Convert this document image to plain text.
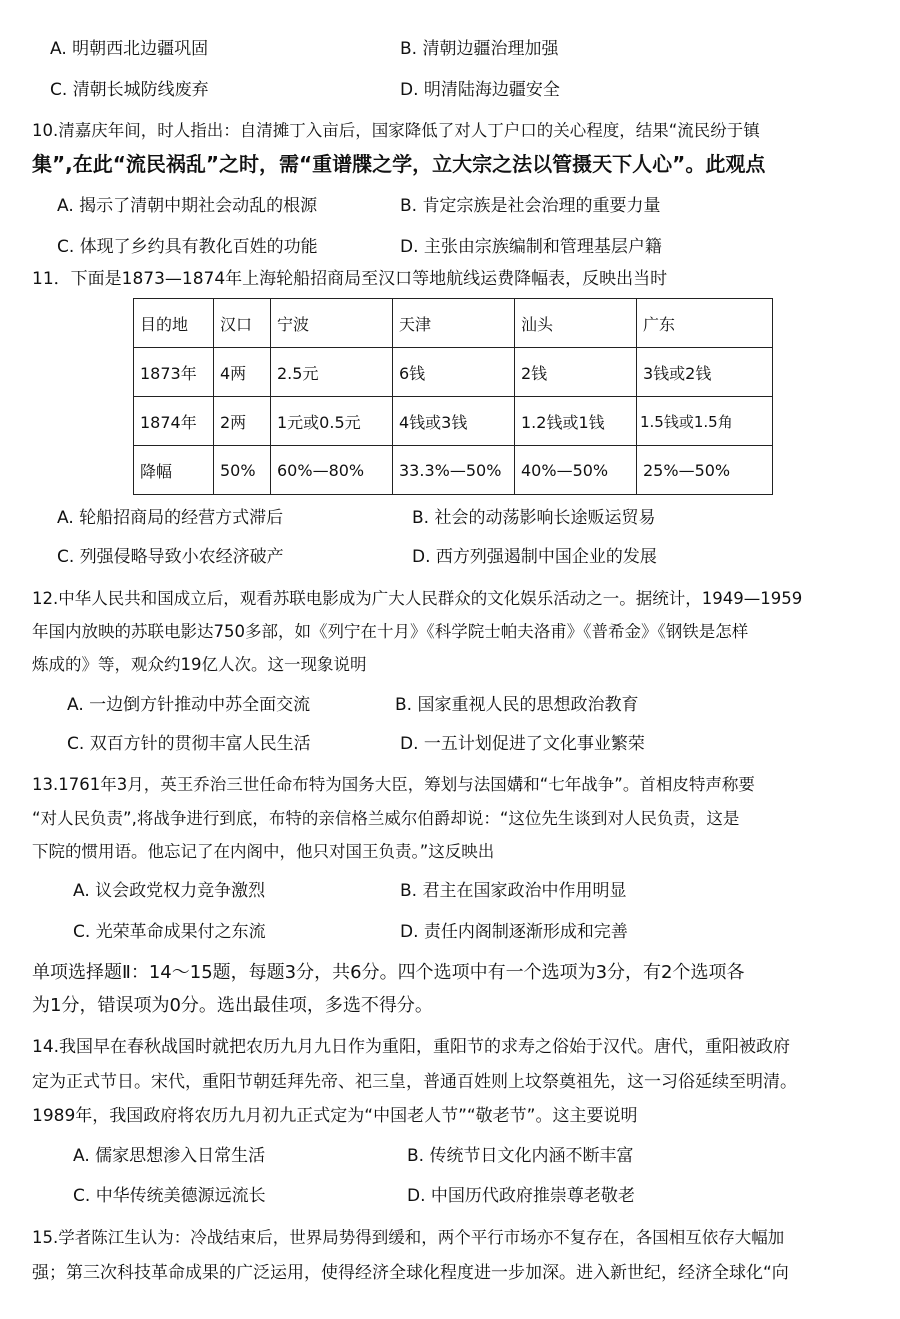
A. 明朝西北边疆巩固	B. 清朝边疆治理加强
C. 清朝长城防线废弃	D. 明清陆海边疆安全
10.清嘉庆年间，时人指出：自清摊丁入亩后，国家降低了对人丁户口的关心程度，结果“流民纷于镇
集”,在此“流民祸乱”之时，需“重谱牒之学，立大宗之法以管摄天下人心”。此观点
A. 揭示了清朝中期社会动乱的根源	B. 肯定宗族是社会治理的重要力量
C. 体现了乡约具有教化百姓的功能	D. 主张由宗族编制和管理基层户籍
11．下面是1873—1874年上海轮船招商局至汉口等地航线运费降幅表，反映出当时
目的地	汉口	宁波	天津	汕头	广东
1873年	4两	2.5元	6钱	2钱	3钱或2钱
1874年	2两	1元或0.5元	4钱或3钱	1.2钱或1钱	1.5钱或1.5角
降幅	50%	60%—80%	33.3%—50%	40%—50%	25%—50%
A. 轮船招商局的经营方式滞后	B. 社会的动荡影响长途贩运贸易
C. 列强侵略导致小农经济破产	D. 西方列强遏制中国企业的发展
12.中华人民共和国成立后，观看苏联电影成为广大人民群众的文化娱乐活动之一。据统计，1949—1959
年国内放映的苏联电影达750多部，如《列宁在十月》《科学院士帕夫洛甫》《普希金》《钢铁是怎样
炼成的》等，观众约19亿人次。这一现象说明
A. 一边倒方针推动中苏全面交流	B. 国家重视人民的思想政治教育
C. 双百方针的贯彻丰富人民生活	D. 一五计划促进了文化事业繁荣
13.1761年3月，英王乔治三世任命布特为国务大臣，筹划与法国媾和“七年战争”。首相皮特声称要
“对人民负责”,将战争进行到底，布特的亲信格兰威尔伯爵却说：“这位先生谈到对人民负责，这是
下院的惯用语。他忘记了在内阁中，他只对国王负责。”这反映出
A. 议会政党权力竞争激烈	B. 君主在国家政治中作用明显
C. 光荣革命成果付之东流	D. 责任内阁制逐渐形成和完善
单项选择题Ⅱ：14～15题，每题3分，共6分。四个选项中有一个选项为3分，有2个选项各
为1分，错误项为0分。选出最佳项，多选不得分。
14.我国早在春秋战国时就把农历九月九日作为重阳，重阳节的求寿之俗始于汉代。唐代，重阳被政府
定为正式节日。宋代，重阳节朝廷拜先帝、祀三皇，普通百姓则上坟祭奠祖先，这一习俗延续至明清。
1989年，我国政府将农历九月初九正式定为“中国老人节”“敬老节”。这主要说明
A. 儒家思想渗入日常生活	B. 传统节日文化内涵不断丰富
C. 中华传统美德源远流长	D. 中国历代政府推崇尊老敬老
15.学者陈江生认为：冷战结束后，世界局势得到缓和，两个平行市场亦不复存在，各国相互依存大幅加
强；第三次科技革命成果的广泛运用，使得经济全球化程度进一步加深。进入新世纪，经济全球化“向
